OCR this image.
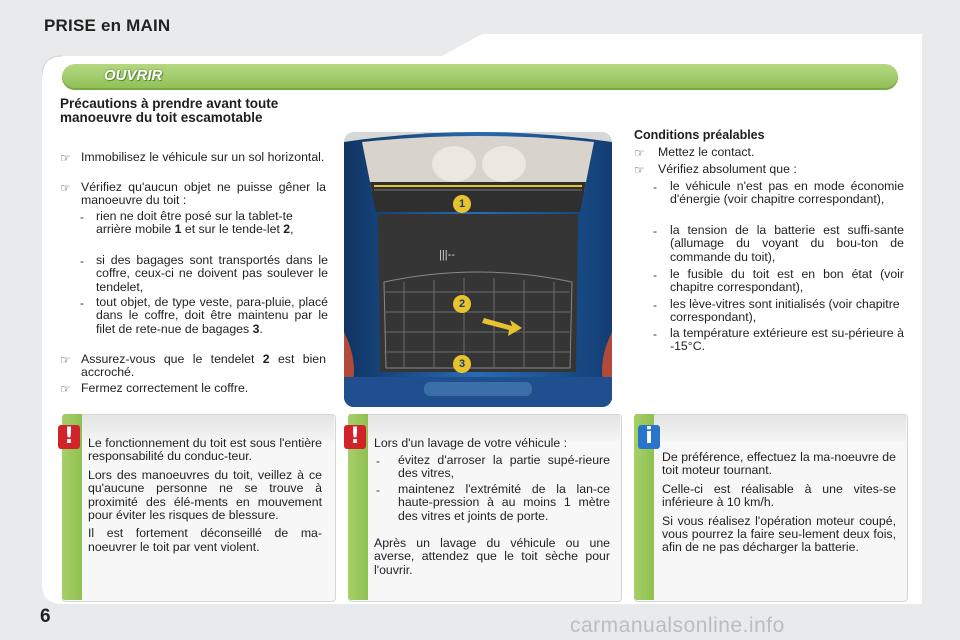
PRISE en MAIN
OUVRIR
Précautions à prendre avant toute manoeuvre du toit escamotable
☞ Immobilisez le véhicule sur un sol horizontal.
☞ Vérifiez qu'aucun objet ne puisse gêner la manoeuvre du toit :
- rien ne doit être posé sur la tablet-te arrière mobile 1 et sur le tende-let 2,
- si des bagages sont transportés dans le coffre, ceux-ci ne doivent pas soulever le tendelet,
- tout objet, de type veste, para-pluie, placé dans le coffre, doit être maintenu par le filet de rete-nue de bagages 3.
☞ Assurez-vous que le tendelet 2 est bien accroché.
☞ Fermez correctement le coffre.
|||--
1
2
3
Conditions préalables
☞ Mettez le contact.
☞ Vérifiez absolument que :
- le véhicule n'est pas en mode économie d'énergie (voir chapitre correspondant),
- la tension de la batterie est suffi-sante (allumage du voyant du bou-ton de commande du toit),
- le fusible du toit est en bon état (voir chapitre correspondant),
- les lève-vitres sont initialisés (voir chapitre correspondant),
- la température extérieure est su-périeure à -15°C.
!	Le fonctionnement du toit est sous l'entière responsabilité du conduc-teur.
Lors des manoeuvres du toit, veillez à ce qu'aucune personne ne se trouve à proximité des élé-ments en mouvement pour éviter les risques de blessure.
Il est fortement déconseillé de ma-noeuvrer le toit par vent violent.
!	Lors d'un lavage de votre véhicule :
- évitez d'arroser la partie supé-rieure des vitres,
- maintenez l'extrémité de la lan-ce haute-pression à au moins 1 mètre des vitres et joints de porte.
Après un lavage du véhicule ou une averse, attendez que le toit sèche pour l'ouvrir.
i
De préférence, effectuez la ma-noeuvre de toit moteur tournant.
Celle-ci est réalisable à une vites-se inférieure à 10 km/h.
Si vous réalisez l'opération moteur coupé, vous pourrez la faire seu-lement deux fois, afin de ne pas décharger la batterie.
6	carmanualsonline.info
